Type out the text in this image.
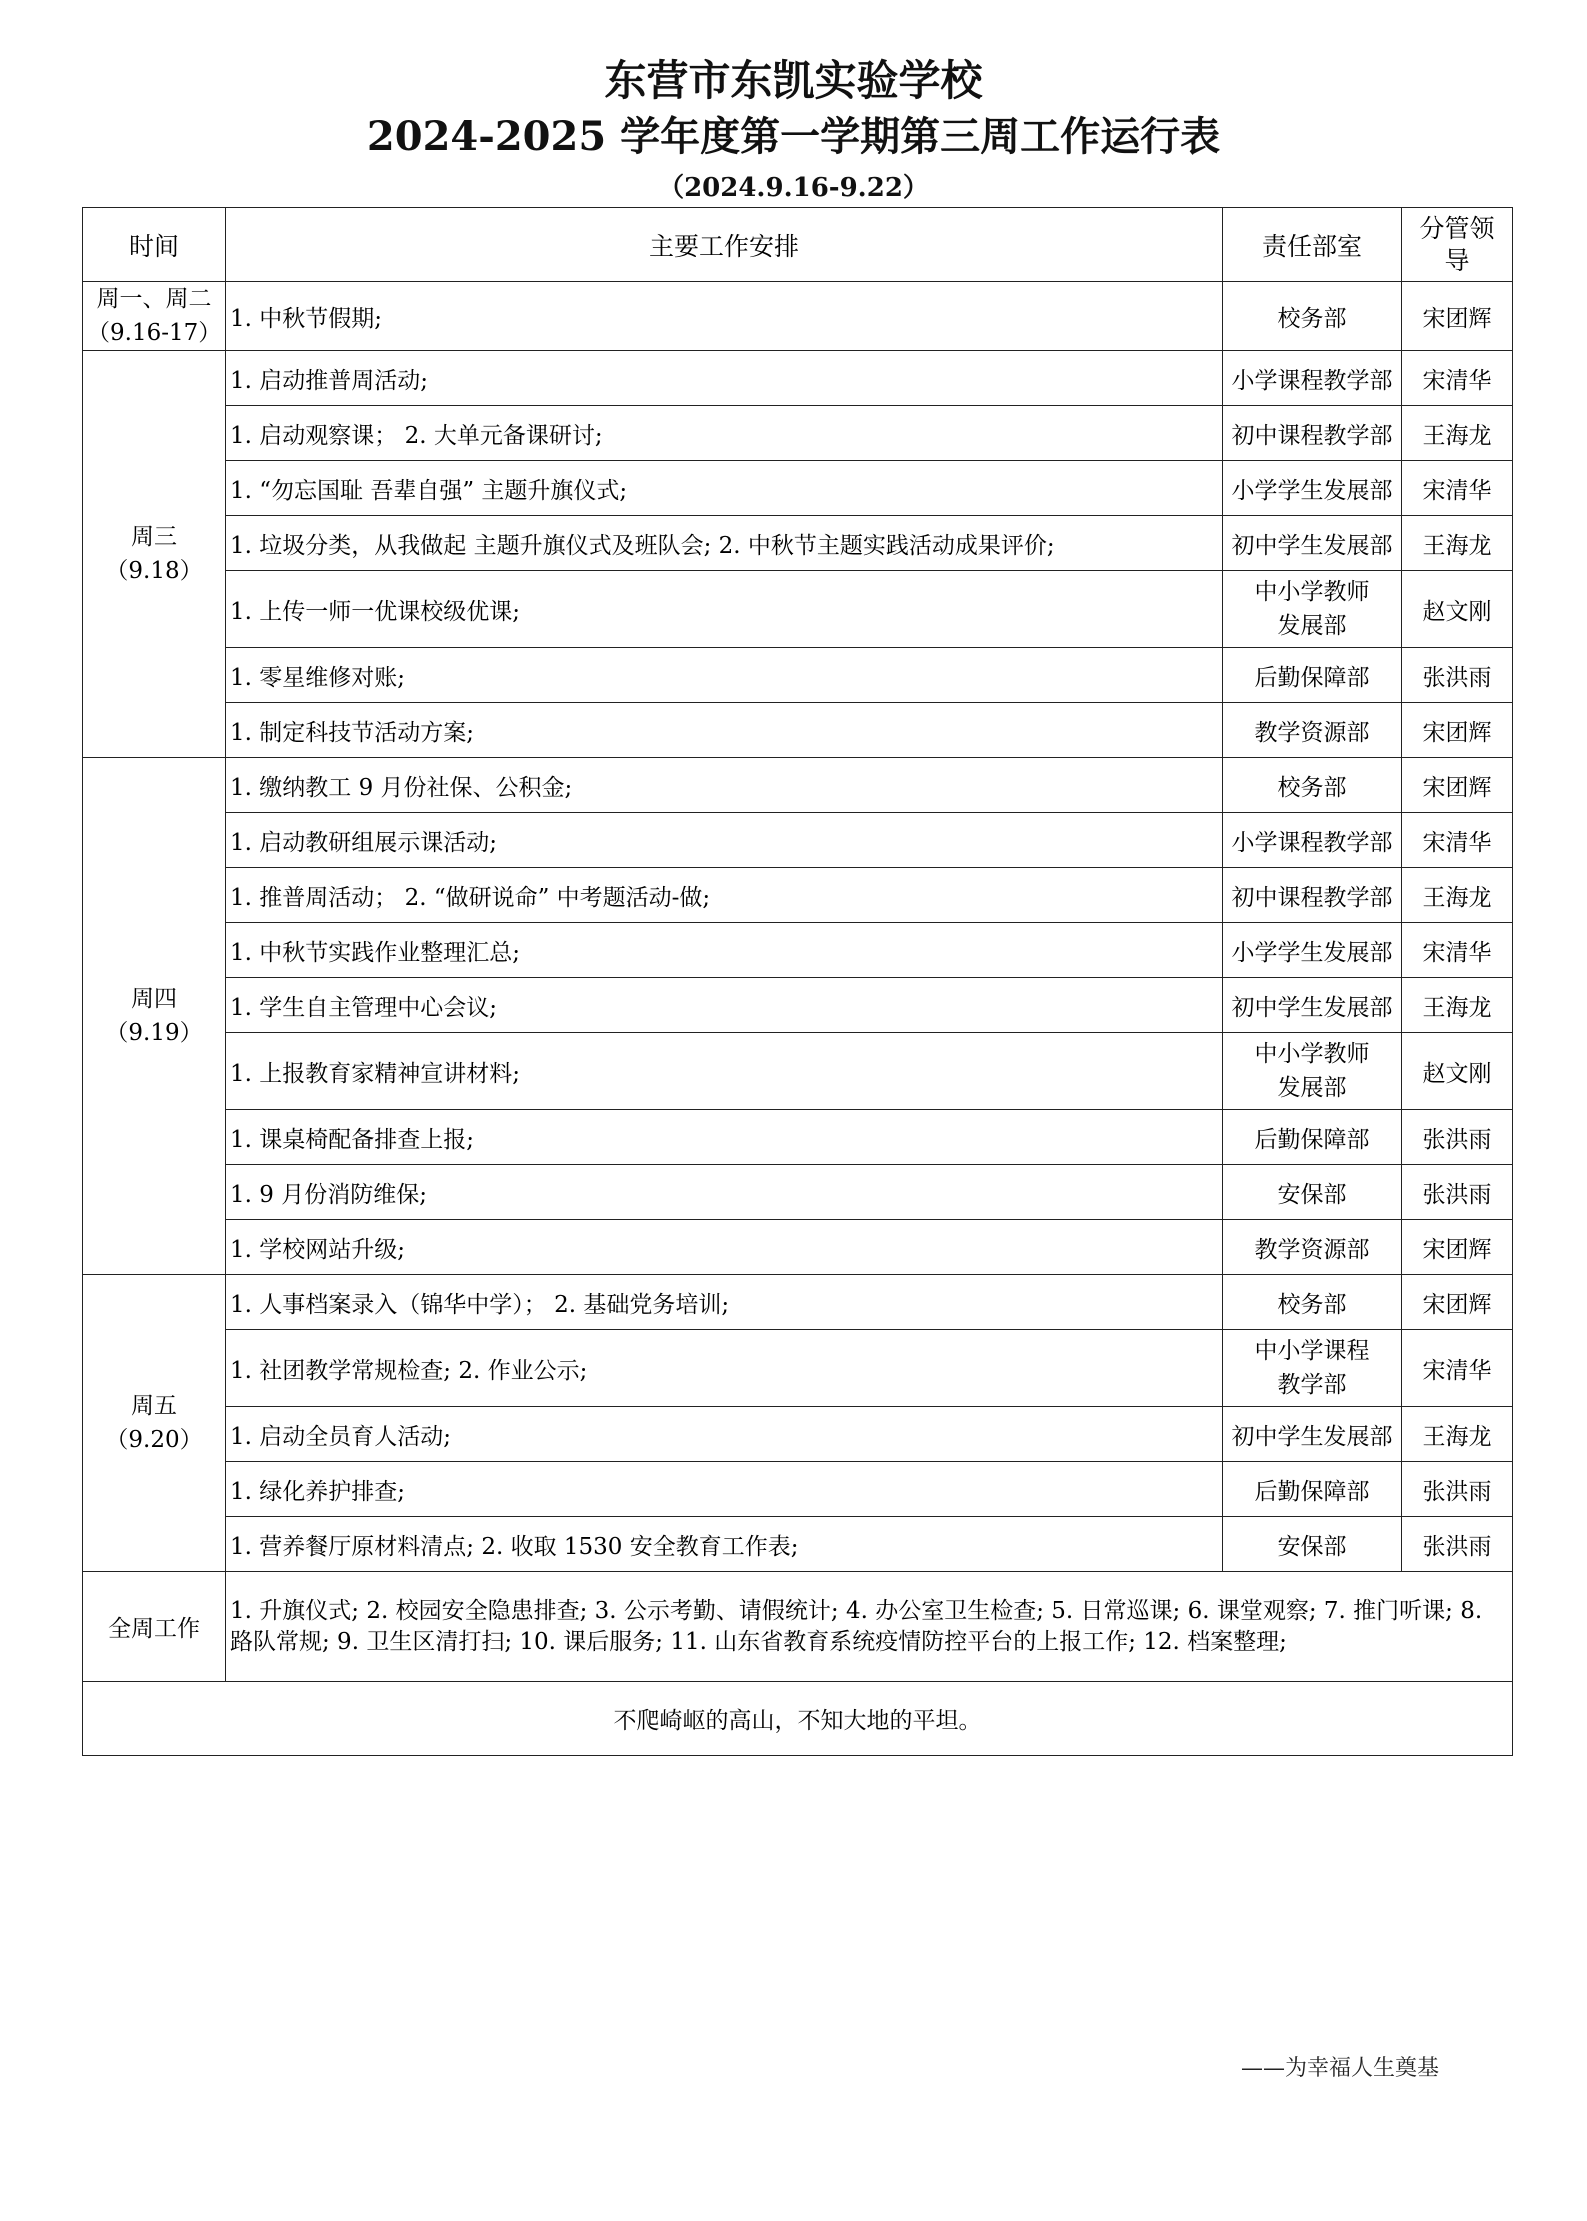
东营市东凯实验学校
2024-2025 学年度第一学期第三周工作运行表
（2024.9.16-9.22）
时间	主要工作安排	责任部室	分管领导

周一、周二
（9.16-17）	1. 中秋节假期;	校务部	宋团辉

周三
（9.18）	1. 启动推普周活动;	小学课程教学部	宋清华
	1. 启动观察课； 2. 大单元备课研讨;	初中课程教学部	王海龙
	1. “勿忘国耻 吾辈自强” 主题升旗仪式;	小学学生发展部	宋清华
	1. 垃圾分类，从我做起 主题升旗仪式及班队会; 2. 中秋节主题实践活动成果评价;	初中学生发展部	王海龙
	1. 上传一师一优课校级优课;	中小学教师
发展部	赵文刚
	1. 零星维修对账;	后勤保障部	张洪雨
	1. 制定科技节活动方案;	教学资源部	宋团辉

周四
（9.19）	1. 缴纳教工 9 月份社保、公积金;	校务部	宋团辉
	1. 启动教研组展示课活动;	小学课程教学部	宋清华
	1. 推普周活动； 2. “做研说命” 中考题活动-做;	初中课程教学部	王海龙
	1. 中秋节实践作业整理汇总;	小学学生发展部	宋清华
	1. 学生自主管理中心会议;	初中学生发展部	王海龙
	1. 上报教育家精神宣讲材料;	中小学教师
发展部	赵文刚
	1. 课桌椅配备排查上报;	后勤保障部	张洪雨
	1. 9 月份消防维保;	安保部	张洪雨
	1. 学校网站升级;	教学资源部	宋团辉

周五
（9.20）	1. 人事档案录入（锦华中学）； 2. 基础党务培训;	校务部	宋团辉
	1. 社团教学常规检查; 2. 作业公示;	中小学课程
教学部	宋清华
	1. 启动全员育人活动;	初中学生发展部	王海龙
	1. 绿化养护排查;	后勤保障部	张洪雨
	1. 营养餐厅原材料清点; 2. 收取 1530 安全教育工作表;	安保部	张洪雨
全周工作	1. 升旗仪式; 2. 校园安全隐患排查; 3. 公示考勤、请假统计; 4. 办公室卫生检查; 5. 日常巡课; 6. 课堂观察; 7. 推门听课; 8. 路队常规; 9. 卫生区清打扫; 10. 课后服务; 11. 山东省教育系统疫情防控平台的上报工作; 12. 档案整理;		
不爬崎岖的高山，不知大地的平坦。			
——为幸福人生奠基
